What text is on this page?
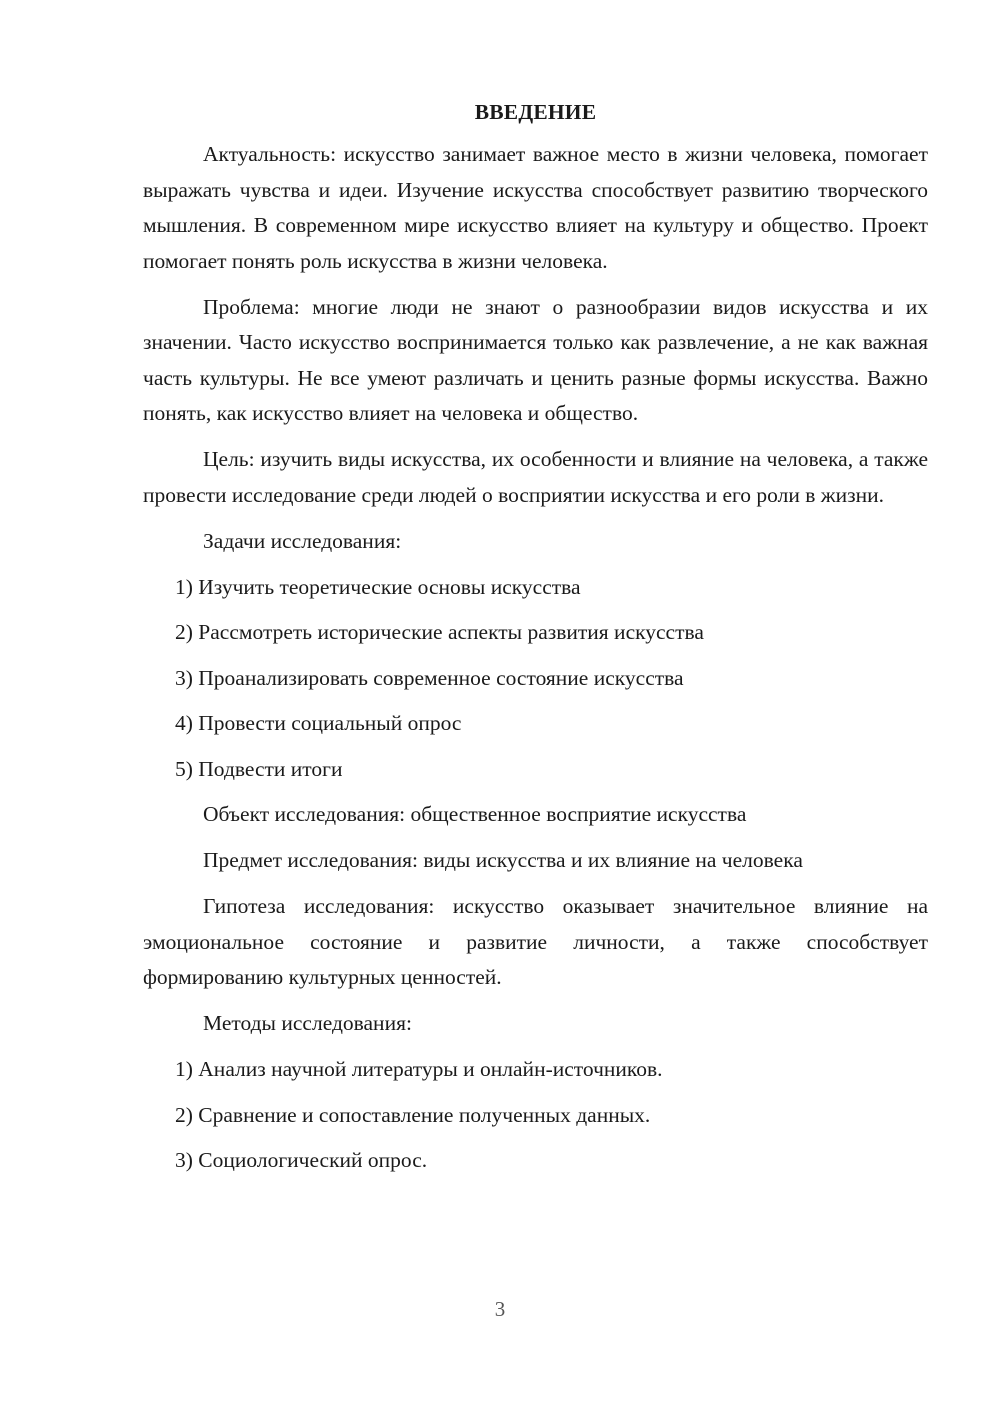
ВВЕДЕНИЕ

Актуальность: искусство занимает важное место в жизни человека, помогает выражать чувства и идеи. Изучение искусства способствует развитию творческого мышления. В современном мире искусство влияет на культуру и общество. Проект помогает понять роль искусства в жизни человека.

Проблема: многие люди не знают о разнообразии видов искусства и их значении. Часто искусство воспринимается только как развлечение, а не как важная часть культуры. Не все умеют различать и ценить разные формы искусства. Важно понять, как искусство влияет на человека и общество.

Цель: изучить виды искусства, их особенности и влияние на человека, а также провести исследование среди людей о восприятии искусства и его роли в жизни.

Задачи исследования:

1) Изучить теоретические основы искусства

2) Рассмотреть исторические аспекты развития искусства

3) Проанализировать современное состояние искусства

4) Провести социальный опрос

5) Подвести итоги

Объект исследования: общественное восприятие искусства

Предмет исследования: виды искусства и их влияние на человека

Гипотеза исследования: искусство оказывает значительное влияние на эмоциональное состояние и развитие личности, а также способствует формированию культурных ценностей.

Методы исследования:

1) Анализ научной литературы и онлайн-источников.

2) Сравнение и сопоставление полученных данных.

3) Социологический опрос.

3
